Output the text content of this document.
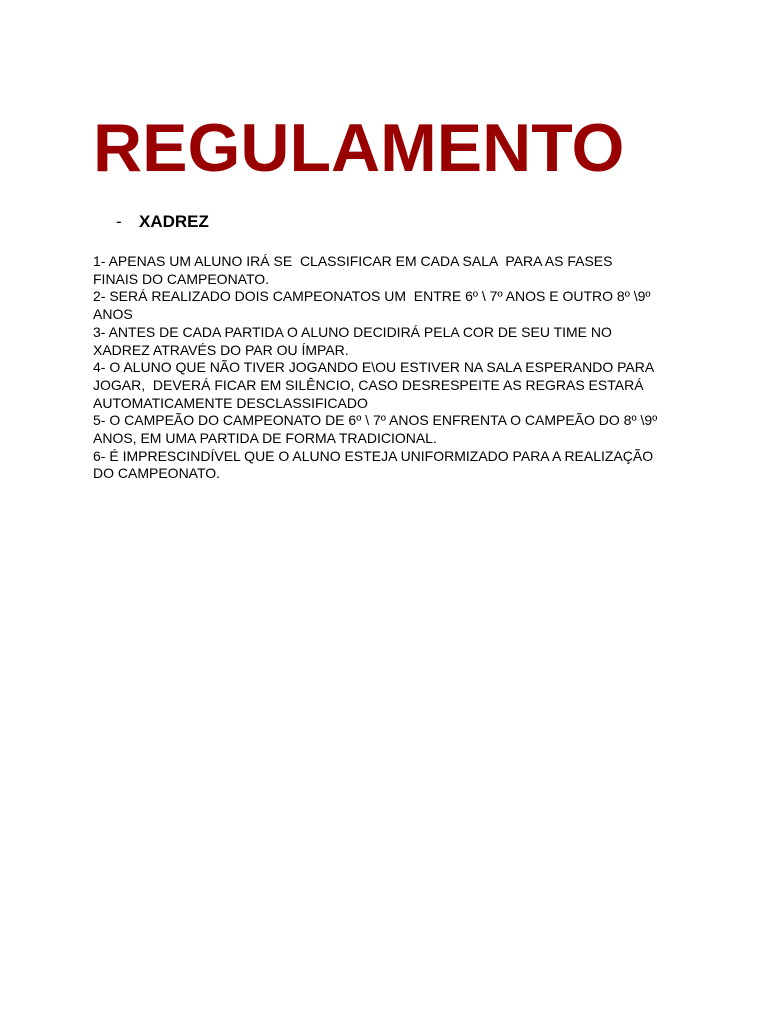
REGULAMENTO
- XADREZ
1- APENAS UM ALUNO IRÁ SE  CLASSIFICAR EM CADA SALA  PARA AS FASES
FINAIS DO CAMPEONATO.
2- SERÁ REALIZADO DOIS CAMPEONATOS UM  ENTRE 6º \ 7º ANOS E OUTRO 8º \9º
ANOS
3- ANTES DE CADA PARTIDA O ALUNO DECIDIRÁ PELA COR DE SEU TIME NO
XADREZ ATRAVÉS DO PAR OU ÍMPAR.
4- O ALUNO QUE NÃO TIVER JOGANDO E\OU ESTIVER NA SALA ESPERANDO PARA
JOGAR,  DEVERÁ FICAR EM SILÊNCIO, CASO DESRESPEITE AS REGRAS ESTARÁ
AUTOMATICAMENTE DESCLASSIFICADO
5- O CAMPEÃO DO CAMPEONATO DE 6º \ 7º ANOS ENFRENTA O CAMPEÃO DO 8º \9º
ANOS, EM UMA PARTIDA DE FORMA TRADICIONAL.
6- É IMPRESCINDÍVEL QUE O ALUNO ESTEJA UNIFORMIZADO PARA A REALIZAÇÃO
DO CAMPEONATO.
